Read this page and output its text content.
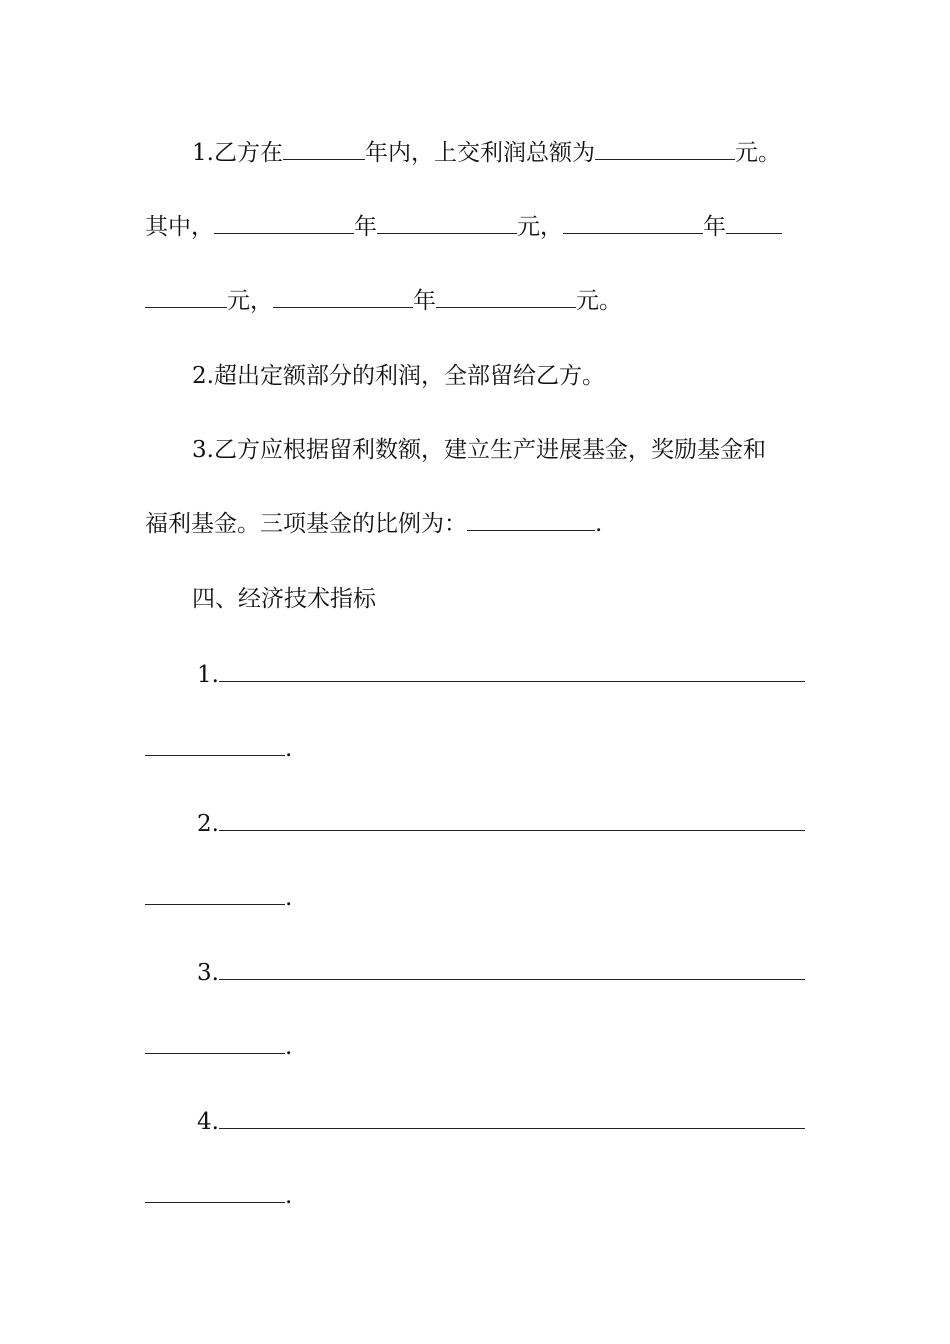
1.乙方在	年内，上交利润总额为	元。
其中，	年	元，	年
元，	年	元。
2.超出定额部分的利润，全部留给乙方。
3.乙方应根据留利数额，建立生产进展基金，奖励基金和
福利基金。三项基金的比例为：	.
四、经济技术指标
1.
.
2.
.
3.
.
4.
.
